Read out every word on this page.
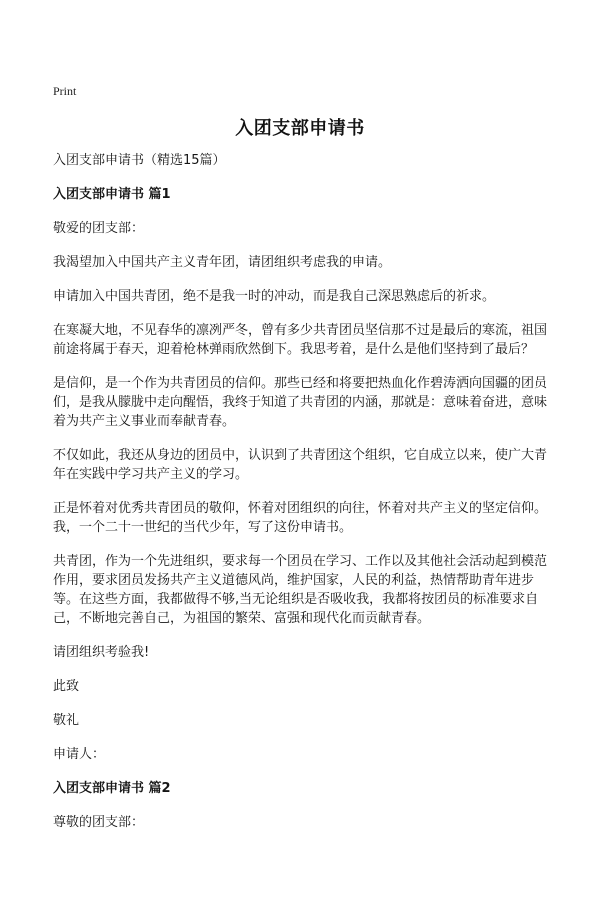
Print
入团支部申请书

入团支部申请书（精选15篇）

入团支部申请书 篇1

敬爱的团支部：

我渴望加入中国共产主义青年团，请团组织考虑我的申请。

申请加入中国共青团，绝不是我一时的冲动，而是我自己深思熟虑后的祈求。

在寒凝大地，不见春华的凛冽严冬，曾有多少共青团员坚信那不过是最后的寒流，祖国前途将属于春天，迎着枪林弹雨欣然倒下。我思考着，是什么是他们坚持到了最后？

是信仰，是一个作为共青团员的信仰。那些已经和将要把热血化作碧涛洒向国疆的团员们，是我从朦胧中走向醒悟，我终于知道了共青团的内涵，那就是：意味着奋进，意味着为共产主义事业而奉献青春。

不仅如此，我还从身边的团员中，认识到了共青团这个组织，它自成立以来，使广大青年在实践中学习共产主义的学习。

正是怀着对优秀共青团员的敬仰，怀着对团组织的向往，怀着对共产主义的坚定信仰。我，一个二十一世纪的当代少年，写了这份申请书。

共青团，作为一个先进组织，要求每一个团员在学习、工作以及其他社会活动起到模范作用，要求团员发扬共产主义道德风尚，维护国家，人民的利益，热情帮助青年进步等。在这些方面，我都做得不够,当无论组织是否吸收我，我都将按团员的标准要求自己，不断地完善自己，为祖国的繁荣、富强和现代化而贡献青春。

请团组织考验我!

此致

敬礼

申请人：

入团支部申请书 篇2

尊敬的团支部：
